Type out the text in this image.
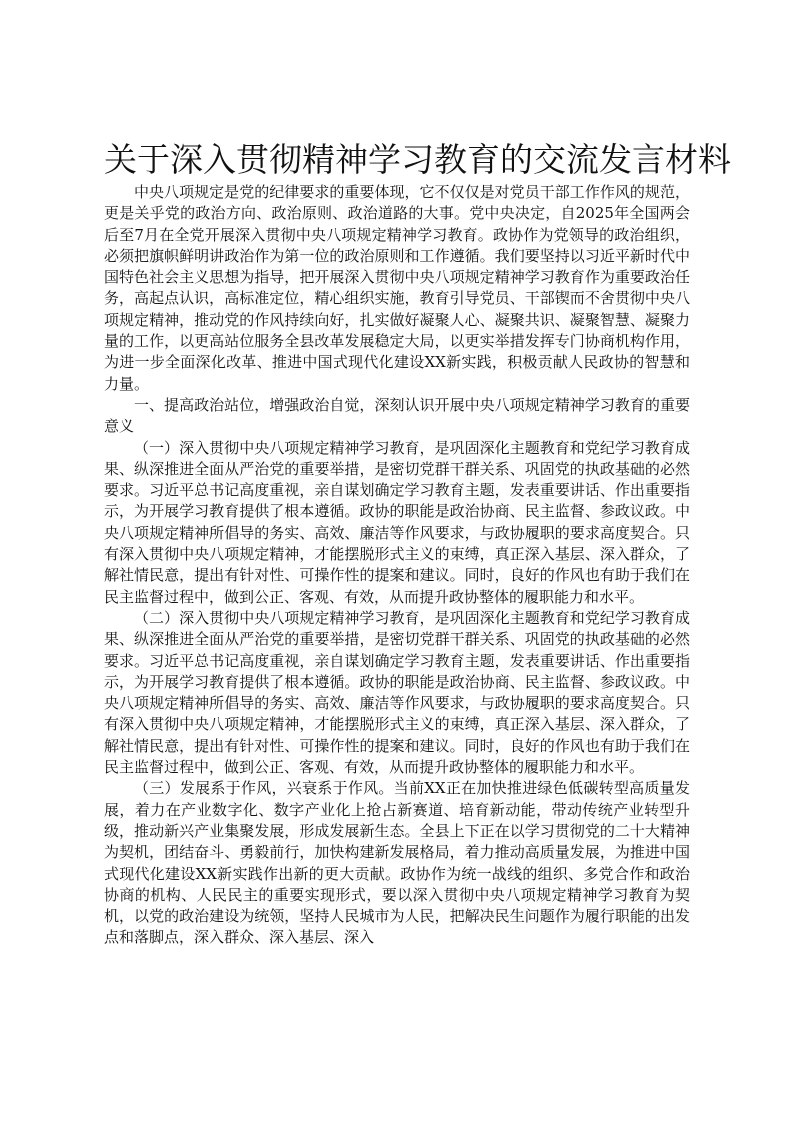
关于深入贯彻精神学习教育的交流发言材料

中央八项规定是党的纪律要求的重要体现，它不仅仅是对党员干部工作作风的规范，更是关乎党的政治方向、政治原则、政治道路的大事。党中央决定，自2025年全国两会后至7月在全党开展深入贯彻中央八项规定精神学习教育。政协作为党领导的政治组织，必须把旗帜鲜明讲政治作为第一位的政治原则和工作遵循。我们要坚持以习近平新时代中国特色社会主义思想为指导，把开展深入贯彻中央八项规定精神学习教育作为重要政治任务，高起点认识，高标准定位，精心组织实施，教育引导党员、干部锲而不舍贯彻中央八项规定精神，推动党的作风持续向好，扎实做好凝聚人心、凝聚共识、凝聚智慧、凝聚力量的工作，以更高站位服务全县改革发展稳定大局，以更实举措发挥专门协商机构作用，为进一步全面深化改革、推进中国式现代化建设XX新实践，积极贡献人民政协的智慧和力量。

一、提高政治站位，增强政治自觉，深刻认识开展中央八项规定精神学习教育的重要意义

（一）深入贯彻中央八项规定精神学习教育，是巩固深化主题教育和党纪学习教育成果、纵深推进全面从严治党的重要举措，是密切党群干群关系、巩固党的执政基础的必然要求。习近平总书记高度重视，亲自谋划确定学习教育主题，发表重要讲话、作出重要指示，为开展学习教育提供了根本遵循。政协的职能是政治协商、民主监督、参政议政。中央八项规定精神所倡导的务实、高效、廉洁等作风要求，与政协履职的要求高度契合。只有深入贯彻中央八项规定精神，才能摆脱形式主义的束缚，真正深入基层、深入群众，了解社情民意，提出有针对性、可操作性的提案和建议。同时，良好的作风也有助于我们在民主监督过程中，做到公正、客观、有效，从而提升政协整体的履职能力和水平。

（二）深入贯彻中央八项规定精神学习教育，是巩固深化主题教育和党纪学习教育成果、纵深推进全面从严治党的重要举措，是密切党群干群关系、巩固党的执政基础的必然要求。习近平总书记高度重视，亲自谋划确定学习教育主题，发表重要讲话、作出重要指示，为开展学习教育提供了根本遵循。政协的职能是政治协商、民主监督、参政议政。中央八项规定精神所倡导的务实、高效、廉洁等作风要求，与政协履职的要求高度契合。只有深入贯彻中央八项规定精神，才能摆脱形式主义的束缚，真正深入基层、深入群众，了解社情民意，提出有针对性、可操作性的提案和建议。同时，良好的作风也有助于我们在民主监督过程中，做到公正、客观、有效，从而提升政协整体的履职能力和水平。

（三）发展系于作风，兴衰系于作风。当前XX正在加快推进绿色低碳转型高质量发展，着力在产业数字化、数字产业化上抢占新赛道、培育新动能，带动传统产业转型升级，推动新兴产业集聚发展，形成发展新生态。全县上下正在以学习贯彻党的二十大精神为契机，团结奋斗、勇毅前行，加快构建新发展格局，着力推动高质量发展，为推进中国式现代化建设XX新实践作出新的更大贡献。政协作为统一战线的组织、多党合作和政治协商的机构、人民民主的重要实现形式，要以深入贯彻中央八项规定精神学习教育为契机，以党的政治建设为统领，坚持人民城市为人民，把解决民生问题作为履行职能的出发点和落脚点，深入群众、深入基层、深入
